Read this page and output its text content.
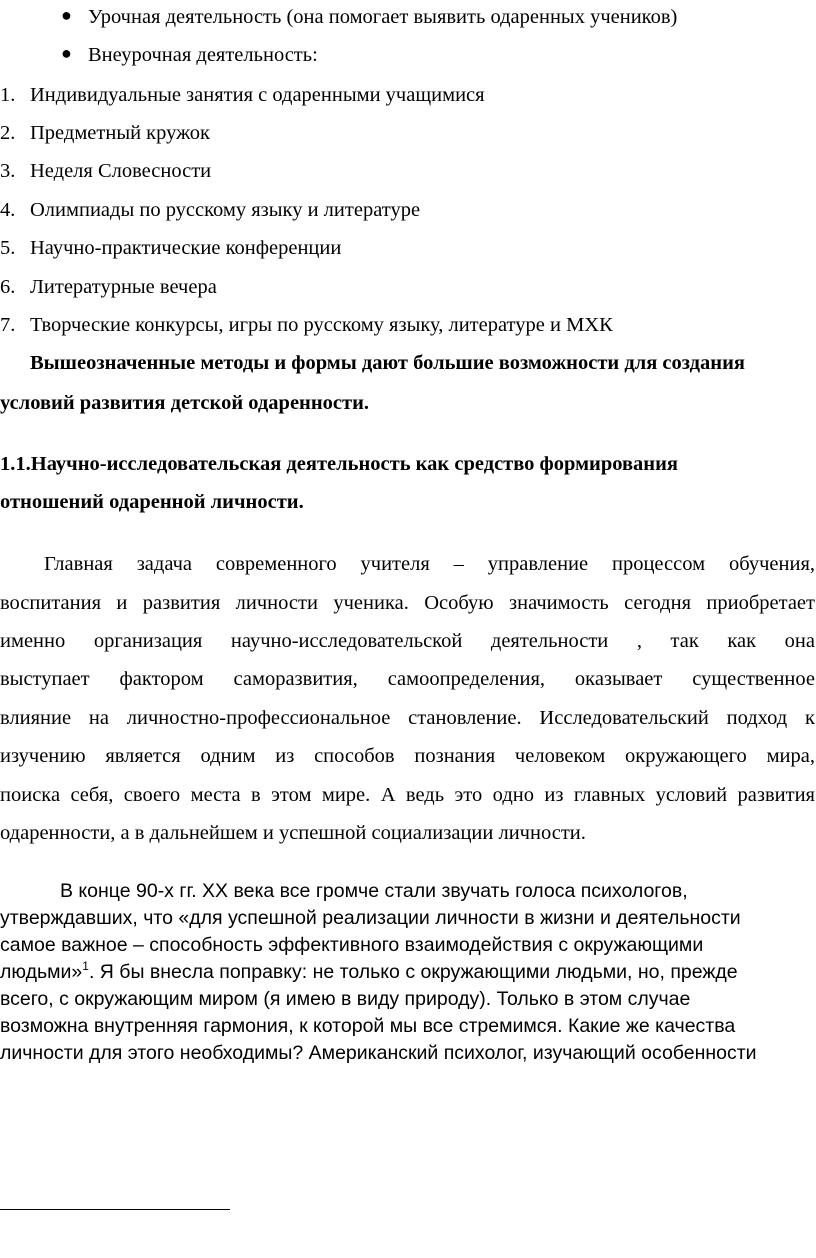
● Урочная деятельность (она помогает выявить одаренных учеников)
● Внеурочная деятельность:
1. Индивидуальные занятия с одаренными учащимися
2. Предметный кружок
3. Неделя Словесности
4. Олимпиады по русскому языку и литературе
5. Научно-практические конференции
6. Литературные вечера
7. Творческие конкурсы, игры по русскому языку, литературе и МХК
Вышеозначенные методы и формы дают большие возможности для создания
условий развития детской одаренности.
1.1.Научно-исследовательская деятельность как средство формирования
отношений одаренной личности.
Главная задача современного учителя – управление процессом обучения,
воспитания и развития личности ученика. Особую значимость сегодня приобретает
именно организация научно-исследовательской деятельности , так как она
выступает фактором саморазвития, самоопределения, оказывает существенное
влияние на личностно-профессиональное становление. Исследовательский подход к
изучению является одним из способов познания человеком окружающего мира,
поиска себя, своего места в этом мире. А ведь это одно из главных условий развития
одаренности, а в дальнейшем и успешной социализации личности.
В конце 90-х гг. XX века все громче стали звучать голоса психологов,
утверждавших, что «для успешной реализации личности в жизни и деятельности
самое важное – способность эффективного взаимодействия с окружающими
людьми»$^1$. Я бы внесла поправку: не только с окружающими людьми, но, прежде
всего, с окружающим миром (я имею в виду природу). Только в этом случае
возможна внутренняя гармония, к которой мы все стремимся. Какие же качества
личности для этого необходимы? Американский психолог, изучающий особенности
